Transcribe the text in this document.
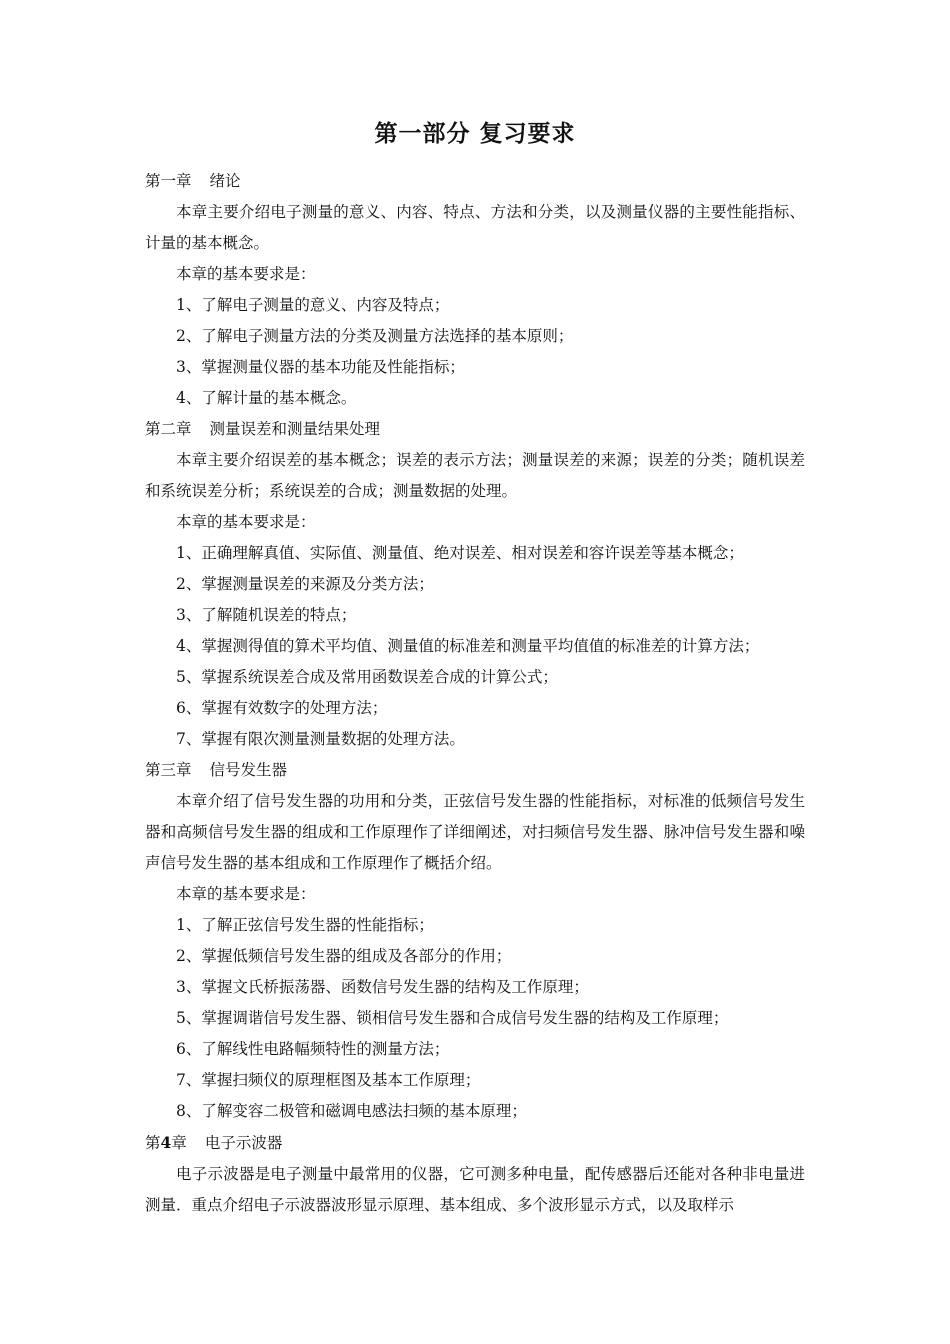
第一部分 复习要求

第一章 绪论

本章主要介绍电子测量的意义、内容、特点、方法和分类，以及测量仪器的主要性能指标、计量的基本概念。

本章的基本要求是：

1、了解电子测量的意义、内容及特点；

2、了解电子测量方法的分类及测量方法选择的基本原则；

3、掌握测量仪器的基本功能及性能指标；

4、了解计量的基本概念。

第二章 测量误差和测量结果处理

本章主要介绍误差的基本概念；误差的表示方法；测量误差的来源；误差的分类；随机误差和系统误差分析；系统误差的合成；测量数据的处理。

本章的基本要求是：

1、正确理解真值、实际值、测量值、绝对误差、相对误差和容许误差等基本概念；

2、掌握测量误差的来源及分类方法；

3、了解随机误差的特点；

4、掌握测得值的算术平均值、测量值的标准差和测量平均值值的标准差的计算方法；

5、掌握系统误差合成及常用函数误差合成的计算公式；

6、掌握有效数字的处理方法；

7、掌握有限次测量测量数据的处理方法。

第三章 信号发生器

本章介绍了信号发生器的功用和分类，正弦信号发生器的性能指标，对标准的低频信号发生器和高频信号发生器的组成和工作原理作了详细阐述，对扫频信号发生器、脉冲信号发生器和噪声信号发生器的基本组成和工作原理作了概括介绍。

本章的基本要求是：

1、了解正弦信号发生器的性能指标；

2、掌握低频信号发生器的组成及各部分的作用；

3、掌握文氏桥振荡器、函数信号发生器的结构及工作原理；

5、掌握调谐信号发生器、锁相信号发生器和合成信号发生器的结构及工作原理；

6、了解线性电路幅频特性的测量方法；

7、掌握扫频仪的原理框图及基本工作原理；

8、了解变容二极管和磁调电感法扫频的基本原理；

第4章 电子示波器

电子示波器是电子测量中最常用的仪器，它可测多种电量，配传感器后还能对各种非电量进测量．重点介绍电子示波器波形显示原理、基本组成、多个波形显示方式，以及取样示
